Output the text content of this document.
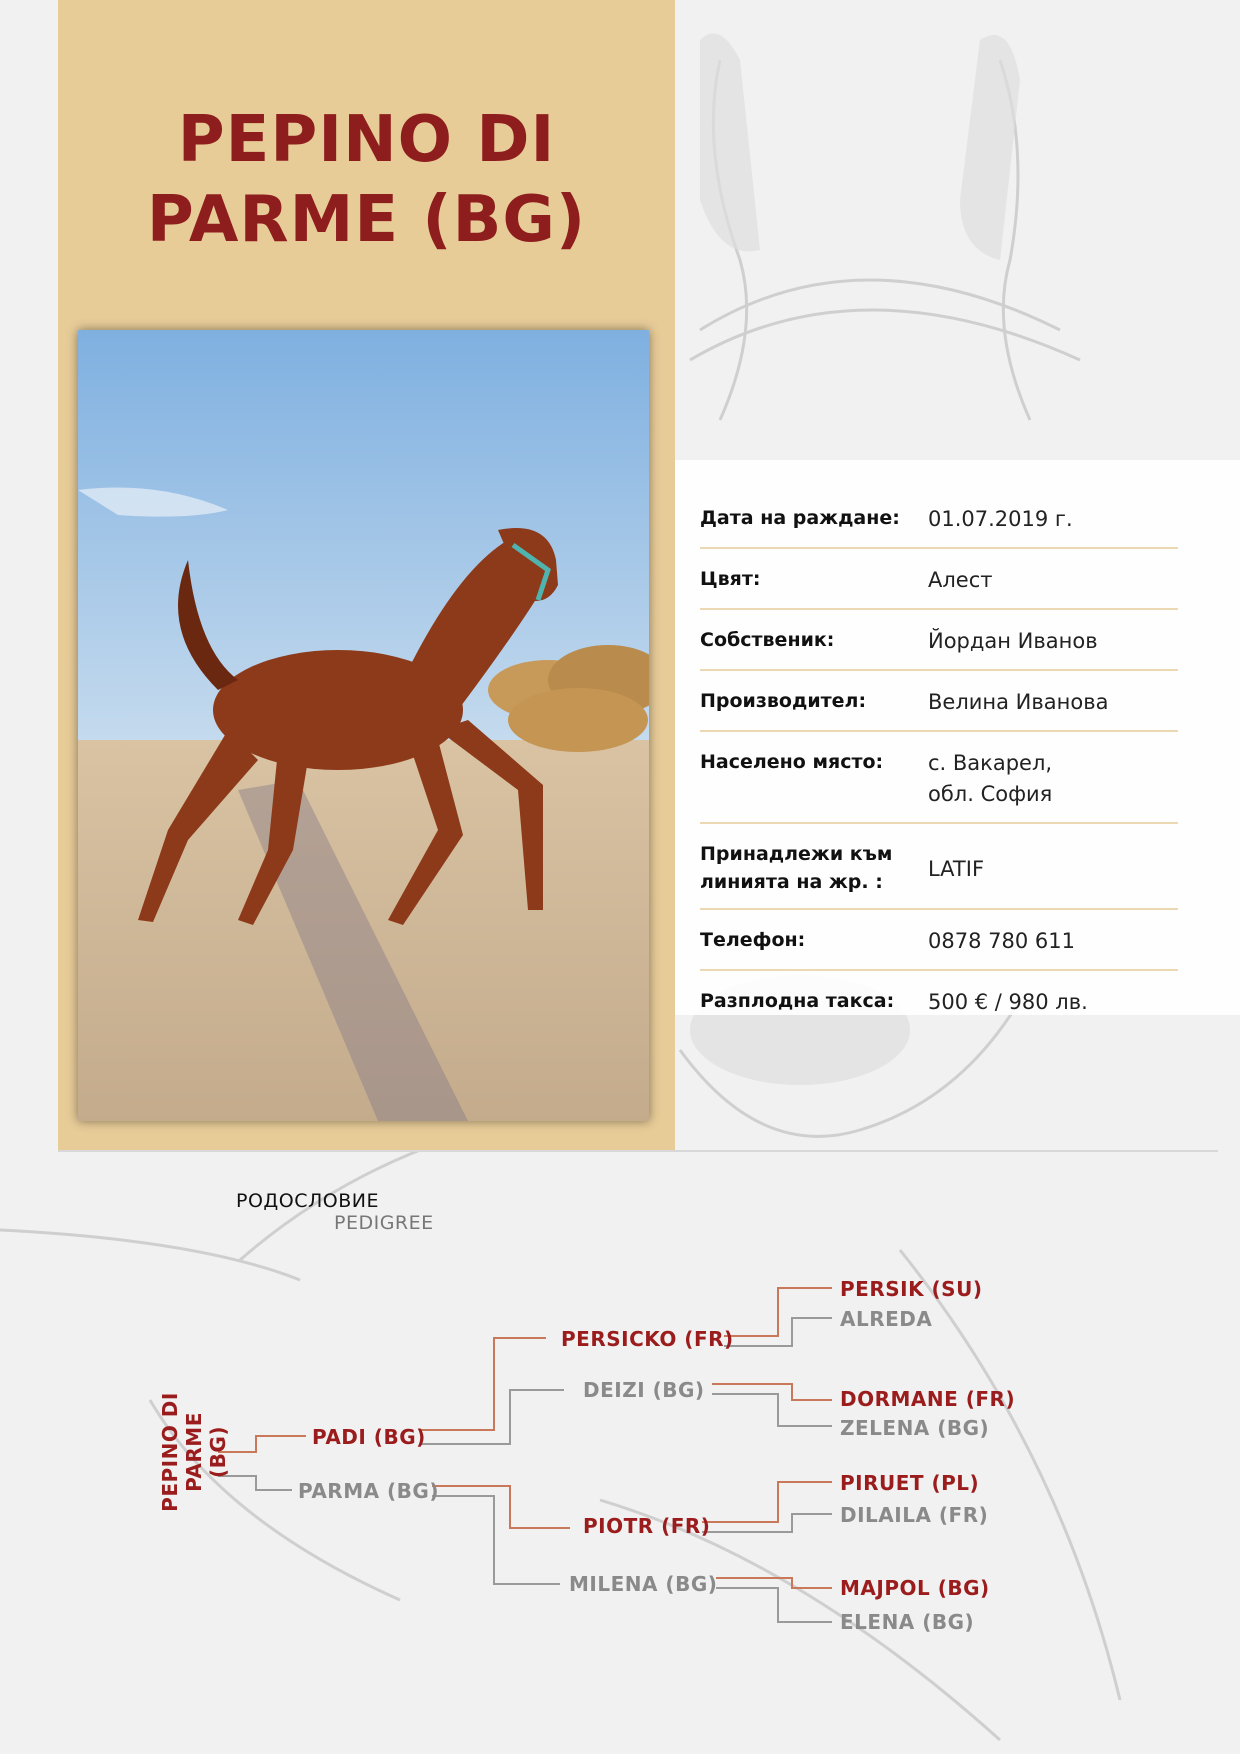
PEPINO DI
PARME (BG)
Дата на раждане:	01.07.2019 г.
Цвят:	Алест
Собственик:	Йордан Иванов
Производител:	Велина Иванова
Населено място:	с. Вакарел,
обл. София
Принадлежи към
линията на жр. :
LATIF
Телефон:	0878 780 611
Разплодна такса:	500 € / 980 лв.
РОДОСЛОВИЕ
PEDIGREE
PEPINO DI PARME (BG)	PADI (BG)
PARMA (BG)
PERSICKO (FR)
DEIZI (BG)
PIOTR (FR)
MILENA (BG)
PERSIK (SU)
ALREDA
DORMANE (FR)
ZELENA (BG)
PIRUET (PL)
DILAILA (FR)
MAJPOL (BG)
ELENA (BG)
